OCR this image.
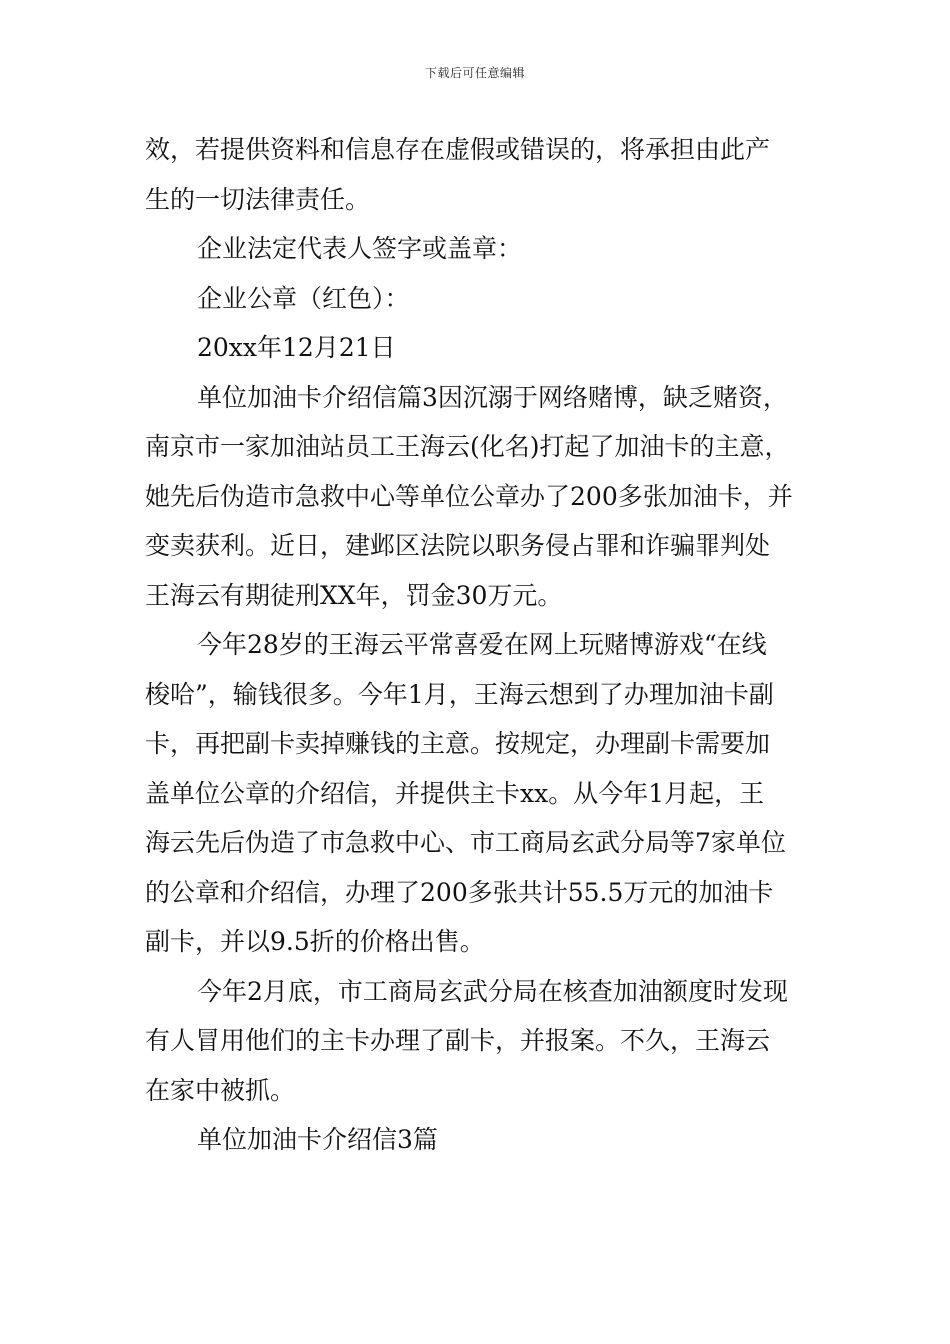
下载后可任意编辑
效，若提供资料和信息存在虚假或错误的，将承担由此产
生的一切法律责任。
企业法定代表人签字或盖章：
企业公章（红色）：
20xx年12月21日
单位加油卡介绍信篇3因沉溺于网络赌博，缺乏赌资，
南京市一家加油站员工王海云(化名)打起了加油卡的主意，
她先后伪造市急救中心等单位公章办了200多张加油卡，并
变卖获利。近日，建邺区法院以职务侵占罪和诈骗罪判处
王海云有期徒刑XX年，罚金30万元。
今年28岁的王海云平常喜爱在网上玩赌博游戏“在线
梭哈”，输钱很多。今年1月，王海云想到了办理加油卡副
卡，再把副卡卖掉赚钱的主意。按规定，办理副卡需要加
盖单位公章的介绍信，并提供主卡xx。从今年1月起，王
海云先后伪造了市急救中心、市工商局玄武分局等7家单位
的公章和介绍信，办理了200多张共计55.5万元的加油卡
副卡，并以9.5折的价格出售。
今年2月底，市工商局玄武分局在核查加油额度时发现
有人冒用他们的主卡办理了副卡，并报案。不久，王海云
在家中被抓。
单位加油卡介绍信3篇
